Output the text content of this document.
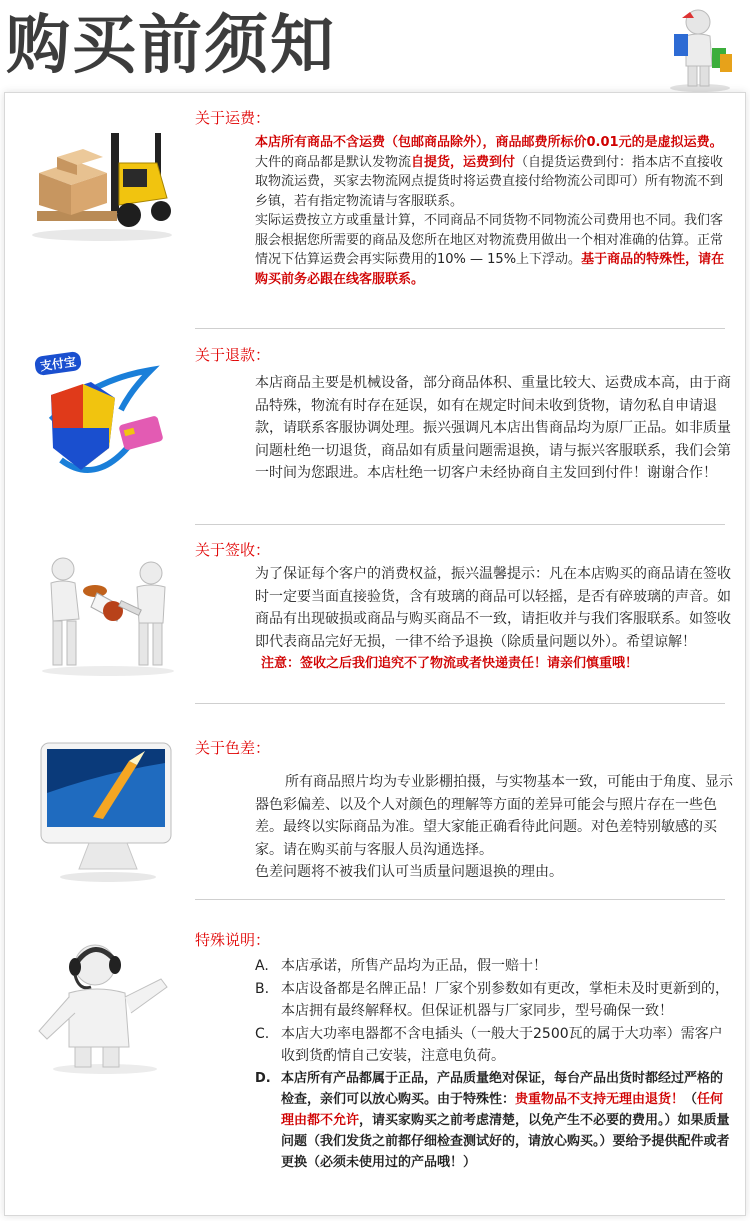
购买前须知
关于运费：

本店所有商品不含运费（包邮商品除外），商品邮费所标价0.01元的是虚拟运费。

大件的商品都是默认发物流自提货，运费到付（自提货运费到付：指本店不直接收取物流运费，买家去物流网点提货时将运费直接付给物流公司即可）所有物流不到乡镇，若有指定物流请与客服联系。

实际运费按立方或重量计算，不同商品不同货物不同物流公司费用也不同。我们客服会根据您所需要的商品及您所在地区对物流费用做出一个相对准确的估算。正常情况下估算运费会再实际费用的10% — 15%上下浮动。基于商品的特殊性，请在购买前务必跟在线客服联系。

支付宝	关于退款：
本店商品主要是机械设备，部分商品体积、重量比较大、运费成本高，由于商品特殊，物流有时存在延误，如有在规定时间未收到货物，请勿私自申请退款，请联系客服协调处理。振兴强调凡本店出售商品均为原厂正品。如非质量问题杜绝一切退货，商品如有质量问题需退换，请与振兴客服联系，我们会第一时间为您跟进。本店杜绝一切客户未经协商自主发回到付件！谢谢合作！
关于签收：

为了保证每个客户的消费权益，振兴温馨提示：凡在本店购买的商品请在签收时一定要当面直接验货，含有玻璃的商品可以轻摇，是否有碎玻璃的声音。如商品有出现破损或商品与购买商品不一致，请拒收并与我们客服联系。如签收即代表商品完好无损，一律不给予退换（除质量问题以外）。希望谅解！

注意：签收之后我们追究不了物流或者快递责任！请亲们慎重哦！

关于色差：

所有商品照片均为专业影棚拍摄，与实物基本一致，可能由于角度、显示器色彩偏差、以及个人对颜色的理解等方面的差异可能会与照片存在一些色差。最终以实际商品为准。望大家能正确看待此问题。对色差特别敏感的买家。请在购买前与客服人员沟通选择。

色差问题将不被我们认可当质量问题退换的理由。

特殊说明：
A. 本店承诺，所售产品均为正品，假一赔十！
B. 本店设备都是名牌正品！厂家个别参数如有更改，掌柜未及时更新到的，本店拥有最终解释权。但保证机器与厂家同步，型号确保一致！
C. 本店大功率电器都不含电插头（一般大于2500瓦的属于大功率）需客户收到货酌情自己安装，注意电负荷。
D. 本店所有产品都属于正品，产品质量绝对保证，每台产品出货时都经过严格的检查，亲们可以放心购买。由于特殊性：贵重物品不支持无理由退货！（任何理由都不允许，请买家购买之前考虑清楚，以免产生不必要的费用。）如果质量问题（我们发货之前都仔细检查测试好的，请放心购买。）要给予提供配件或者更换（必须未使用过的产品哦！）
